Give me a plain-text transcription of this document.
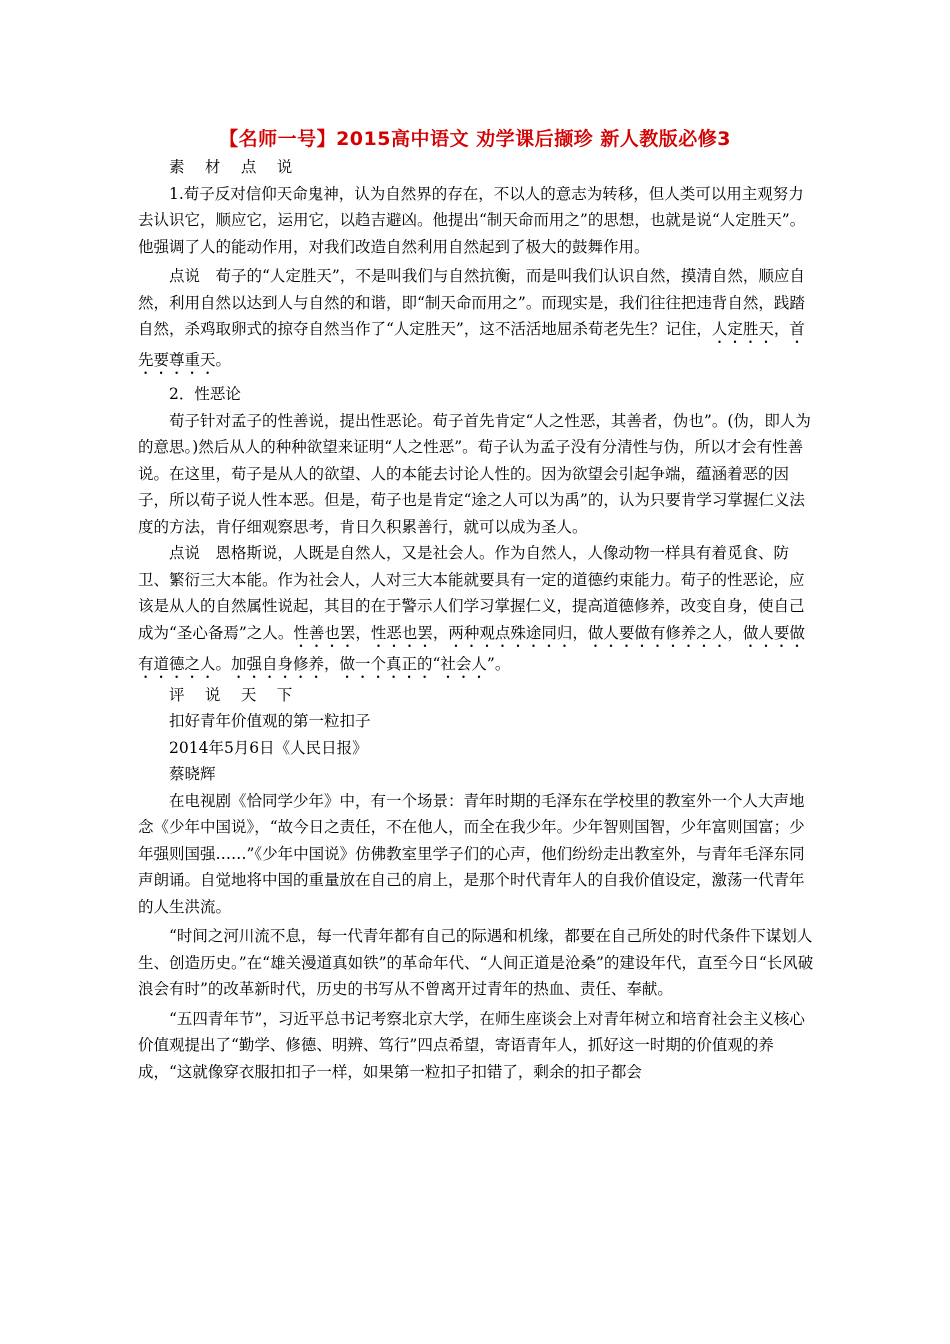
【名师一号】2015高中语文 劝学课后撷珍 新人教版必修3

素 材 点 说

1.荀子反对信仰天命鬼神，认为自然界的存在，不以人的意志为转移，但人类可以用主观努力去认识它，顺应它，运用它，以趋吉避凶。他提出“制天命而用之”的思想，也就是说“人定胜天”。他强调了人的能动作用，对我们改造自然利用自然起到了极大的鼓舞作用。

点说　荀子的“人定胜天”，不是叫我们与自然抗衡，而是叫我们认识自然，摸清自然，顺应自然，利用自然以达到人与自然的和谐，即“制天命而用之”。而现实是，我们往往把违背自然，践踏自然，杀鸡取卵式的掠夺自然当作了“人定胜天”，这不活活地屈杀荀老先生？记住，人定胜天，首先要尊重天。

2．性恶论

荀子针对孟子的性善说，提出性恶论。荀子首先肯定“人之性恶，其善者，伪也”。(伪，即人为的意思。)然后从人的种种欲望来证明“人之性恶”。荀子认为孟子没有分清性与伪，所以才会有性善说。在这里，荀子是从人的欲望、人的本能去讨论人性的。因为欲望会引起争端，蕴涵着恶的因子，所以荀子说人性本恶。但是，荀子也是肯定“途之人可以为禹”的，认为只要肯学习掌握仁义法度的方法，肯仔细观察思考，肯日久积累善行，就可以成为圣人。

点说　恩格斯说，人既是自然人，又是社会人。作为自然人，人像动物一样具有着觅食、防卫、繁衍三大本能。作为社会人，人对三大本能就要具有一定的道德约束能力。荀子的性恶论，应该是从人的自然属性说起，其目的在于警示人们学习掌握仁义，提高道德修养，改变自身，使自己成为“圣心备焉”之人。性善也罢，性恶也罢，两种观点殊途同归，做人要做有修养之人，做人要做有道德之人。加强自身修养，做一个真正的“社会人”。

评 说 天 下

扣好青年价值观的第一粒扣子

2014年5月6日《人民日报》

蔡晓辉

在电视剧《恰同学少年》中，有一个场景：青年时期的毛泽东在学校里的教室外一个人大声地念《少年中国说》，“故今日之责任，不在他人，而全在我少年。少年智则国智，少年富则国富；少年强则国强……”《少年中国说》仿佛教室里学子们的心声，他们纷纷走出教室外，与青年毛泽东同声朗诵。自觉地将中国的重量放在自己的肩上，是那个时代青年人的自我价值设定，激荡一代青年的人生洪流。

“时间之河川流不息，每一代青年都有自己的际遇和机缘，都要在自己所处的时代条件下谋划人生、创造历史。”在“雄关漫道真如铁”的革命年代、“人间正道是沧桑”的建设年代，直至今日“长风破浪会有时”的改革新时代，历史的书写从不曾离开过青年的热血、责任、奉献。

“五四青年节”，习近平总书记考察北京大学，在师生座谈会上对青年树立和培育社会主义核心价值观提出了“勤学、修德、明辨、笃行”四点希望，寄语青年人，抓好这一时期的价值观的养成，“这就像穿衣服扣扣子一样，如果第一粒扣子扣错了，剩余的扣子都会
